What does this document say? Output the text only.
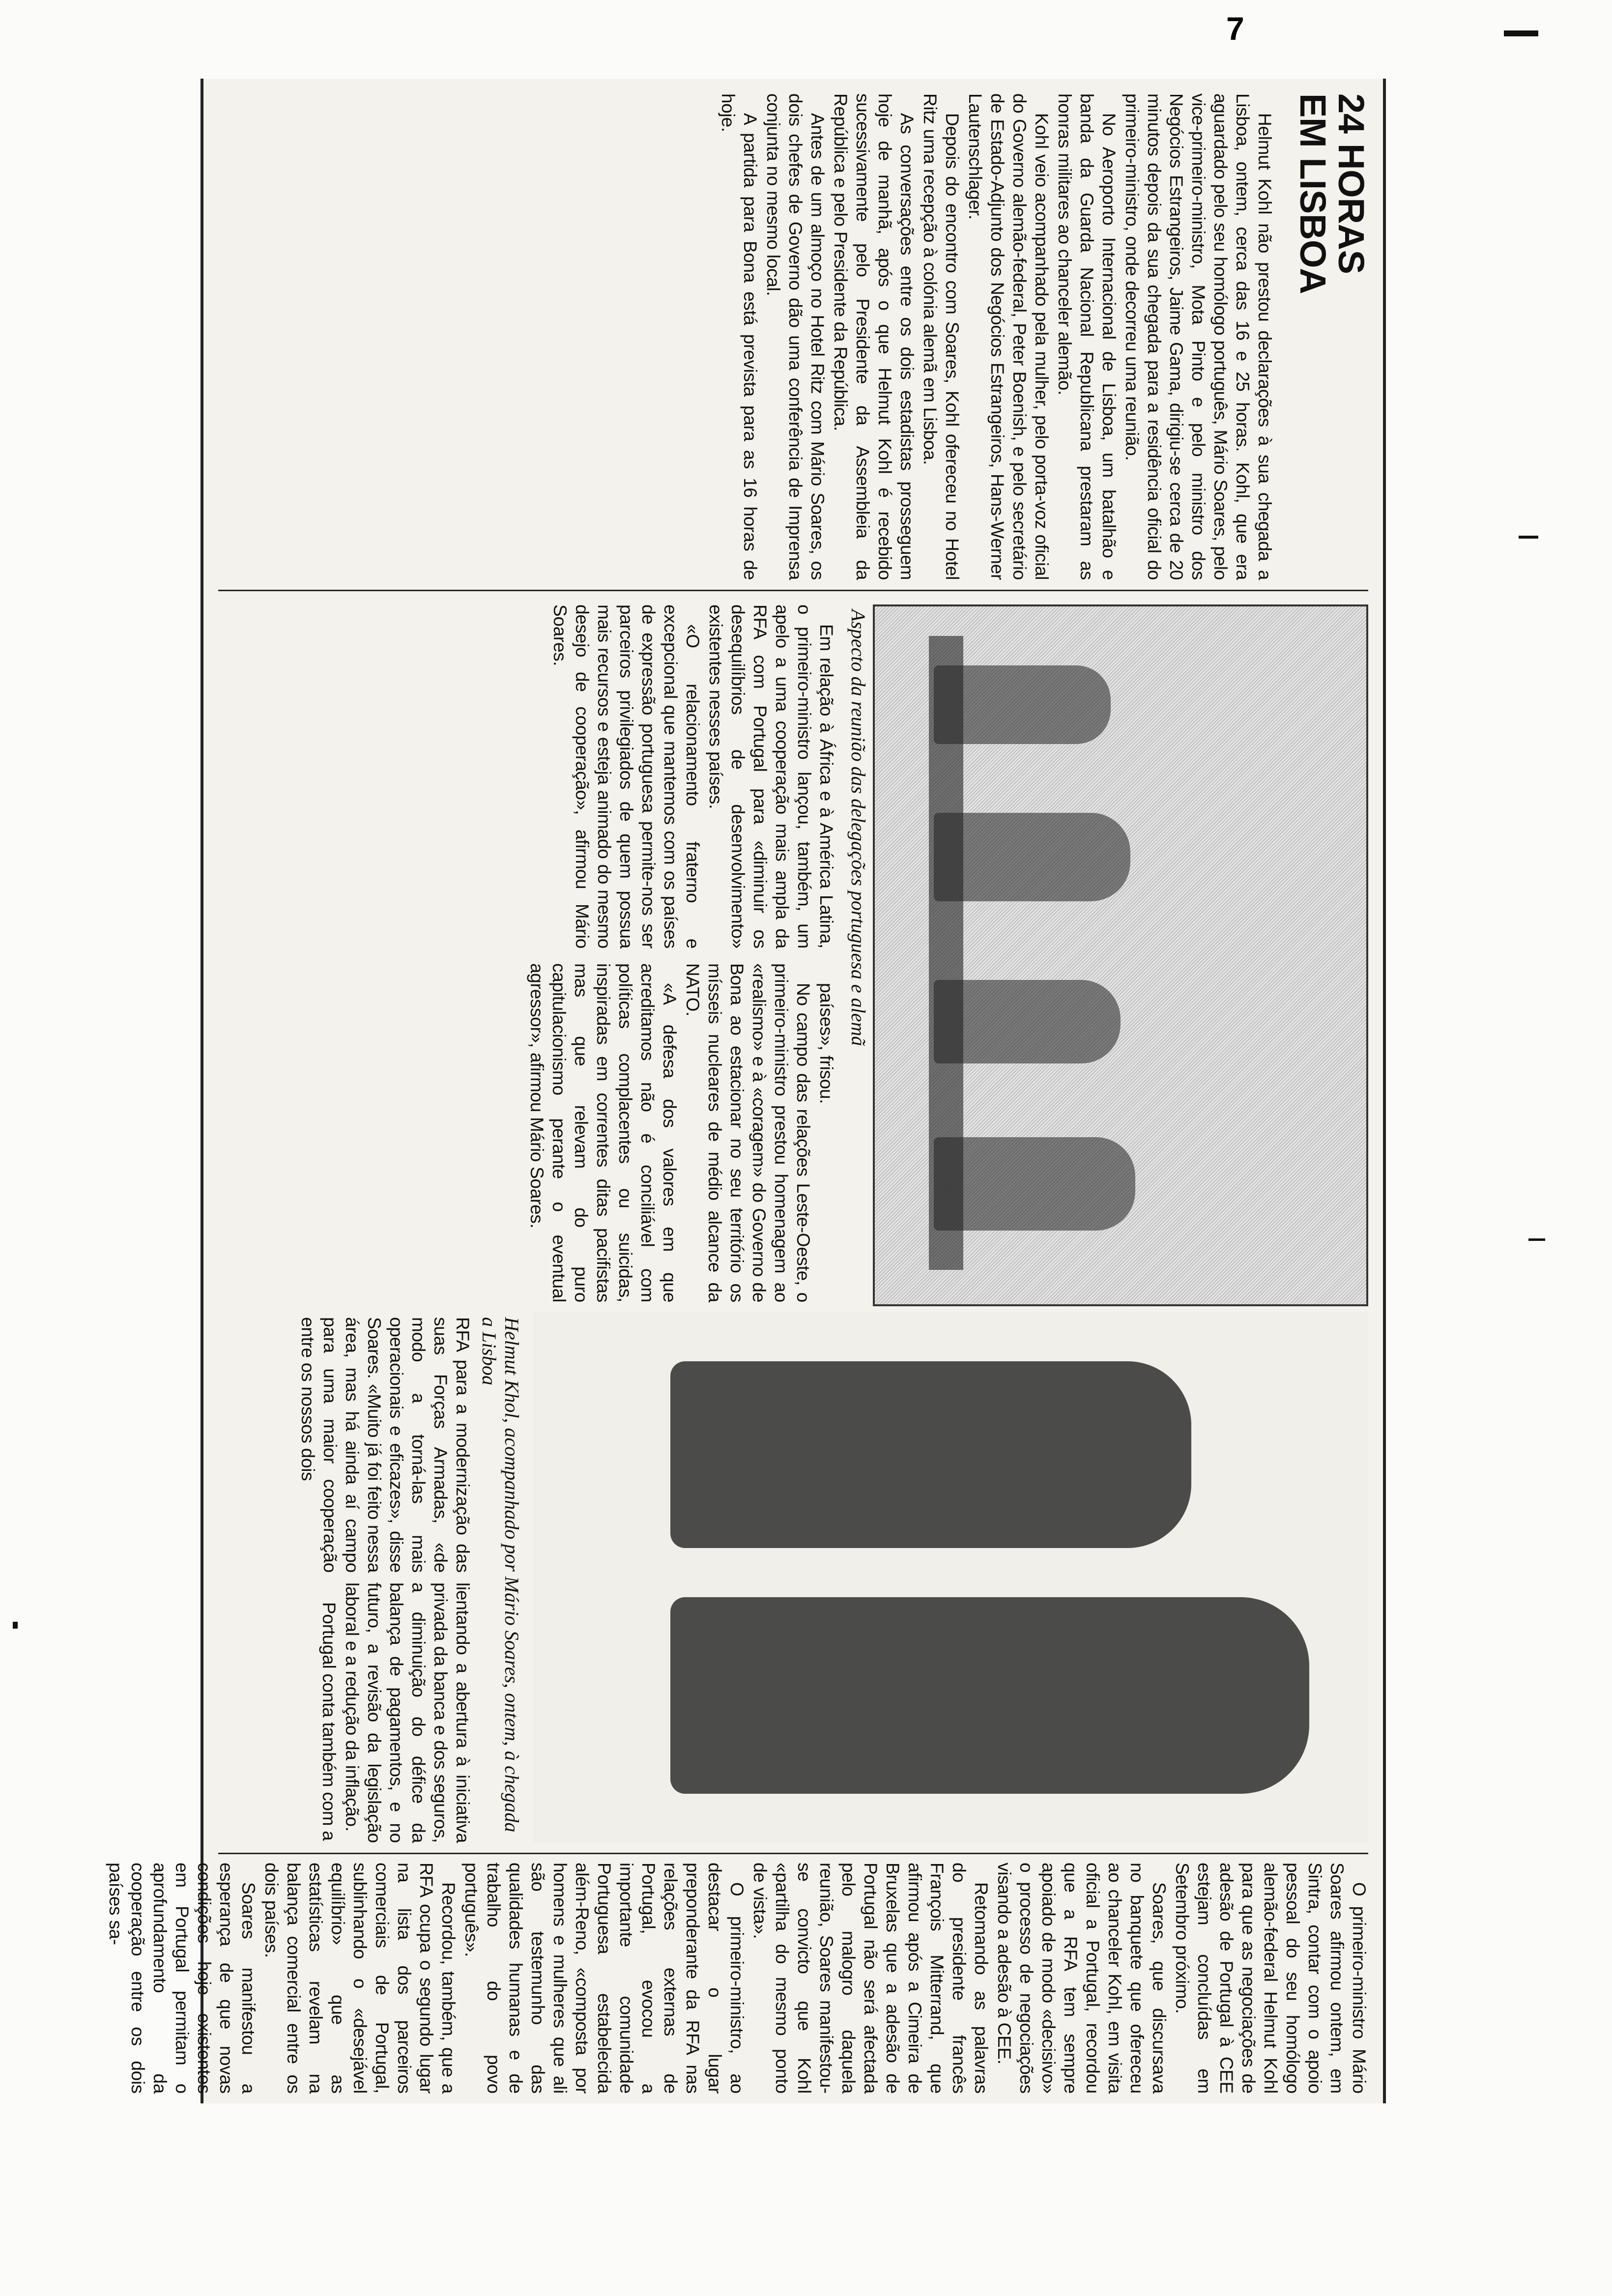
7
24 HORAS
EM LISBOA

Helmut Kohl não prestou declarações à sua chegada a Lisboa, ontem, cerca das 16 e 25 horas. Kohl, que era aguardado pelo seu homólogo português, Mário Soares, pelo vice-primeiro-ministro, Mota Pinto e pelo ministro dos Negócios Estrangeiros, Jaime Gama, dirigiu-se cerca de 20 minutos depois da sua chegada para a residência oficial do primeiro-ministro, onde decorreu uma reunião.

No Aeroporto Internacional de Lisboa, um batalhão e banda da Guarda Nacional Republicana prestaram as honras militares ao chanceler alemão.

Kohl veio acompanhado pela mulher, pelo porta-voz oficial do Governo alemão-federal, Peter Boenish, e pelo secretário de Estado-Adjunto dos Negócios Estrangeiros, Hans-Werner Lautenschlager.

Depois do encontro com Soares, Kohl ofereceu no Hotel Ritz uma recepção à colónia alemã em Lisboa.

As conversações entre os dois estadistas prosseguem hoje de manhã, após o que Helmut Kohl é recebido sucessivamente pelo Presidente da Assembleia da República e pelo Presidente da República.

Antes de um almoço no Hotel Ritz com Mário Soares, os dois chefes de Governo dão uma conferência de Imprensa conjunta no mesmo local.

A partida para Bona está prevista para as 16 horas de hoje.

Aspecto da reunião das delegações portuguesa e alemã

Em relação à África e à América Latina, o primeiro-ministro lançou, também, um apelo a uma cooperação mais ampla da RFA com Portugal para «diminuir os desequilíbrios de desenvolvimento» existentes nesses países.

«O relacionamento fraterno e excepcional que mantemos com os países de expressão portuguesa permite-nos ser parceiros privilegiados de quem possua mais recursos e esteja animado do mesmo desejo de cooperação», afirmou Mário Soares.

países», frisou.

No campo das relações Leste-Oeste, o primeiro-ministro prestou homenagem ao «realismo» e à «coragem» do Governo de Bona ao estacionar no seu território os mísseis nucleares de médio alcance da NATO.

«A defesa dos valores em que acreditamos não é conciliável com políticas complacentes ou suicidas, inspiradas em correntes ditas pacifistas mas que relevam do puro capitulacionismo perante o eventual agressor», afirmou Mário Soares.

Helmut Khol, acompanhado por Mário Soares, ontem, à chegada a Lisboa

RFA para a modernização das suas Forças Armadas, «de modo a torná-las mais operacionais e eficazes», disse Soares. «Muito já foi feito nessa área, mas há ainda aí campo para uma maior cooperação entre os nossos dois

lientando a abertura à iniciativa privada da banca e dos seguros, a diminuição do défice da balança de pagamentos, e no futuro, a revisão da legislação laboral e a redução da inflação.

Portugal conta também com a

O primeiro-ministro Mário Soares afirmou ontem, em Sintra, contar com o apoio pessoal do seu homólogo alemão-federal Helmut Kohl para que as negociações de adesão de Portugal à CEE estejam concluídas em Setembro próximo.

Soares, que discursava no banquete que ofereceu ao chanceler Kohl, em visita oficial a Portugal, recordou que a RFA tem sempre apoiado de modo «decisivo» o processo de negociações visando a adesão à CEE.

Retomando as palavras do presidente francês François Mitterrand, que afirmou após a Cimeira de Bruxelas que a adesão de Portugal não será afectada pelo malogro daquela reunião, Soares manifestou-se convicto que Kohl «partilha do mesmo ponto de vista».

O primeiro-ministro, ao destacar o lugar preponderante da RFA nas relações externas de Portugal, evocou a importante comunidade Portuguesa estabelecida além-Reno, «composta por homens e mulheres que ali são testemunho das qualidades humanas e de trabalho do povo português».

Recordou, também, que a RFA ocupa o segundo lugar na lista dos parceiros comerciais de Portugal, sublinhando o «desejável equilíbrio» que as estatísticas revelam na balança comercial entre os dois países.

Soares manifestou a esperança de que novas condições hoje existentes em Portugal permitam o aprofundamento da cooperação entre os dois países sa-
